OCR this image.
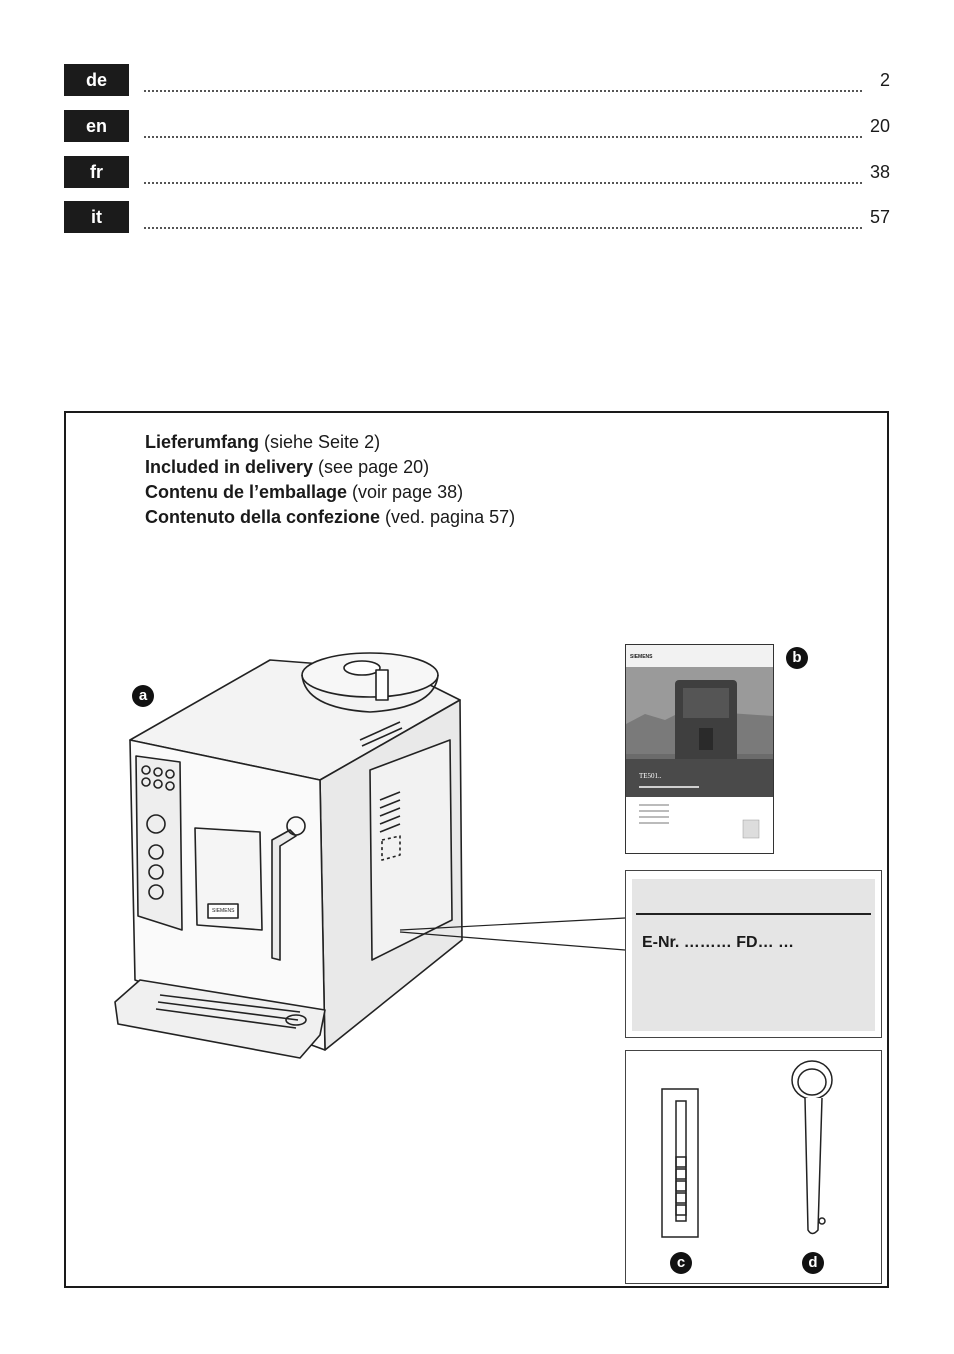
de	2
en	20
fr	38
it	57
Lieferumfang (siehe Seite 2)
Included in delivery (see page 20)
Contenu de l’emballage (voir page 38)
Contenuto della confezione (ved. pagina 57)
SIEMENS
a
SIEMENS
TE501..
b
E-Nr. ……… FD… …
c	d
